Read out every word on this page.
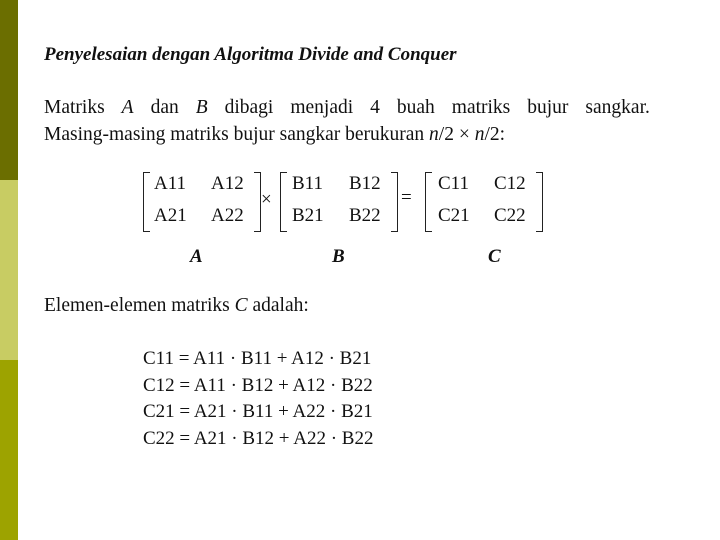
Penyelesaian dengan Algoritma Divide and Conquer
Matriks A dan B dibagi menjadi 4 buah matriks bujur sangkar.
Masing-masing matriks bujur sangkar berukuran n/2 × n/2:
A11 A12
A21 A22
×
B11 B12
B21 B22
=
C11 C12
C21 C22
A	B	C
Elemen-elemen matriks C adalah:
C11 = A11 · B11 + A12 · B21
C12 = A11 · B12 + A12 · B22
C21 = A21 · B11 + A22 · B21
C22 = A21 · B12 + A22 · B22
